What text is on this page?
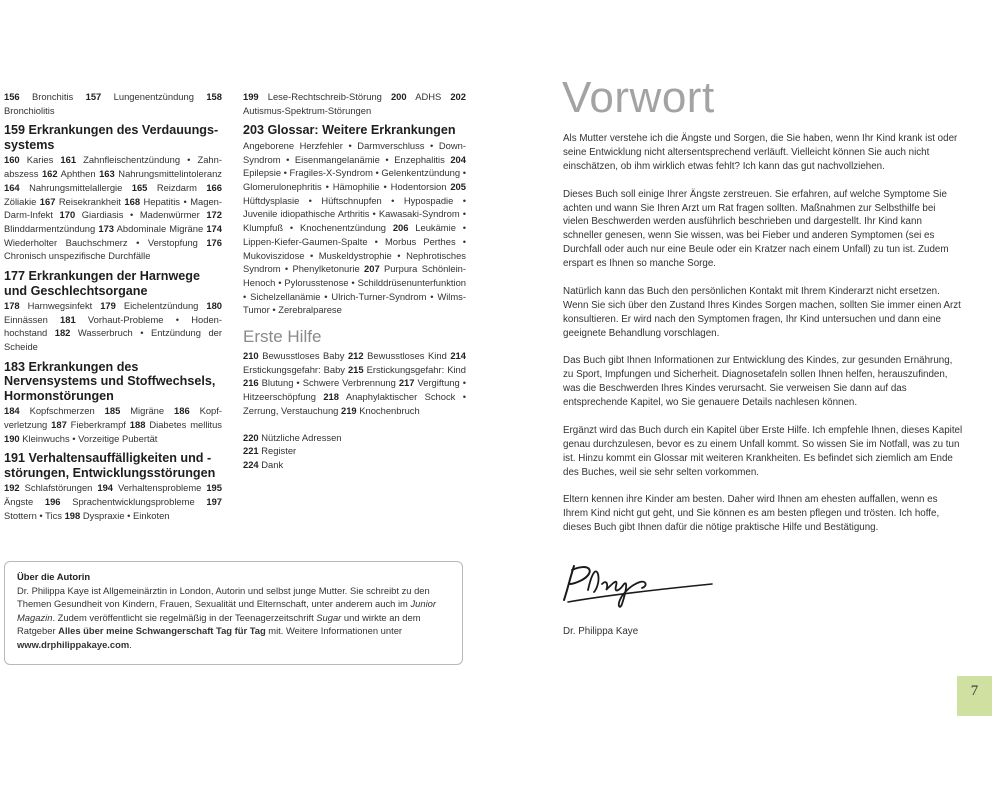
156 Bronchitis 157 Lungenentzündung 158 Bronchiolitis
159 Erkrankungen des Verdauungssystems
160 Karies 161 Zahnfleischentzündung • Zahnabszess 162 Aphthen 163 Nahrungsmittelintoleranz 164 Nahrungsmittelallergie 165 Reizdarm 166 Zöliakie 167 Reisekrankheit 168 Hepatitis • Magen-Darm-Infekt 170 Giardiasis • Madenwürmer 172 Blinddarmentzündung 173 Abdominale Migräne 174 Wiederholter Bauchschmerz • Verstopfung 176 Chronisch unspezifische Durchfälle
177 Erkrankungen der Harnwege und Geschlechtsorgane
178 Harnwegsinfekt 179 Eichelentzündung 180 Einnässen 181 Vorhaut-Probleme • Hodenhochstand 182 Wasserbruch • Entzündung der Scheide
183 Erkrankungen des Nervensystems und Stoffwechsels, Hormonstörungen
184 Kopfschmerzen 185 Migräne 186 Kopfverletzung 187 Fieberkrampf 188 Diabetes mellitus 190 Kleinwuchs • Vorzeitige Pubertät
191 Verhaltensauffälligkeiten und -störungen, Entwicklungsstörungen
192 Schlafstörungen 194 Verhaltensprobleme 195 Ängste 196 Sprachentwicklungsprobleme 197 Stottern • Tics 198 Dyspraxie • Einkoten
199 Lese-Rechtschreib-Störung 200 ADHS 202 Autismus-Spektrum-Störungen
203 Glossar: Weitere Erkrankungen
Angeborene Herzfehler • Darmverschluss • Down-Syndrom • Eisenmangelanämie • Enzephalitis 204 Epilepsie • Fragiles-X-Syndrom • Gelenkentzündung • Glomerulonephritis • Hämophilie • Hodentorsion 205 Hüftdysplasie • Hüftschnupfen • Hypospadie • Juvenile idiopathische Arthritis • Kawasaki-Syndrom • Klumpfuß • Knochenentzündung 206 Leukämie • Lippen-Kiefer-Gaumen-Spalte • Morbus Perthes • Mukoviszidose • Muskeldystrophie • Nephrotisches Syndrom • Phenylketonurie 207 Purpura Schönlein-Henoch • Pylorusstenose • Schilddrüsenunterfunktion • Sichelzellanämie • Ulrich-Turner-Syndrom • Wilms-Tumor • Zerebralparese
Erste Hilfe
210 Bewusstloses Baby 212 Bewusstloses Kind 214 Erstickungsgefahr: Baby 215 Erstickungsgefahr: Kind 216 Blutung • Schwere Verbrennung 217 Vergiftung • Hitzeerschöpfung 218 Anaphylaktischer Schock • Zerrung, Verstauchung 219 Knochenbruch
220 Nützliche Adressen
221 Register
224 Dank
Über die Autorin
Dr. Philippa Kaye ist Allgemeinärztin in London, Autorin und selbst junge Mutter. Sie schreibt zu den Themen Gesundheit von Kindern, Frauen, Sexualität und Elternschaft, unter anderem auch im Junior Magazin. Zudem veröffentlicht sie regelmäßig in der Teenagerzeitschrift Sugar und wirkte an dem Ratgeber Alles über meine Schwangerschaft Tag für Tag mit. Weitere Informationen unter www.drphilippakaye.com.
Vorwort

Als Mutter verstehe ich die Ängste und Sorgen, die Sie haben, wenn Ihr Kind krank ist oder seine Entwicklung nicht altersentsprechend verläuft. Vielleicht können Sie auch nicht einschätzen, ob ihm wirklich etwas fehlt? Ich kann das gut nachvollziehen.

Dieses Buch soll einige Ihrer Ängste zerstreuen. Sie erfahren, auf welche Symptome Sie achten und wann Sie Ihren Arzt um Rat fragen sollten. Maßnahmen zur Selbsthilfe bei vielen Beschwerden werden ausführlich beschrieben und dargestellt. Ihr Kind kann schneller genesen, wenn Sie wissen, was bei Fieber und anderen Symptomen (sei es Durchfall oder auch nur eine Beule oder ein Kratzer nach einem Unfall) zu tun ist. Zudem erspart es Ihnen so manche Sorge.

Natürlich kann das Buch den persönlichen Kontakt mit Ihrem Kinderarzt nicht ersetzen. Wenn Sie sich über den Zustand Ihres Kindes Sorgen machen, sollten Sie immer einen Arzt konsultieren. Er wird nach den Symptomen fragen, Ihr Kind untersuchen und dann eine geeignete Behandlung vorschlagen.

Das Buch gibt Ihnen Informationen zur Entwicklung des Kindes, zur gesunden Ernährung, zu Sport, Impfungen und Sicherheit. Diagnosetafeln sollen Ihnen helfen, herauszufinden, was die Beschwerden Ihres Kindes verursacht. Sie verweisen Sie dann auf das entsprechende Kapitel, wo Sie genauere Details nachlesen können.

Ergänzt wird das Buch durch ein Kapitel über Erste Hilfe. Ich empfehle Ihnen, dieses Kapitel genau durchzulesen, bevor es zu einem Unfall kommt. So wissen Sie im Notfall, was zu tun ist. Hinzu kommt ein Glossar mit weiteren Krankheiten. Es befindet sich ziemlich am Ende des Buches, weil sie sehr selten vorkommen.

Eltern kennen ihre Kinder am besten. Daher wird Ihnen am ehesten auffallen, wenn es Ihrem Kind nicht gut geht, und Sie können es am besten pflegen und trösten. Ich hoffe, dieses Buch gibt Ihnen dafür die nötige praktische Hilfe und Bestätigung.

Dr. Philippa Kaye
7
